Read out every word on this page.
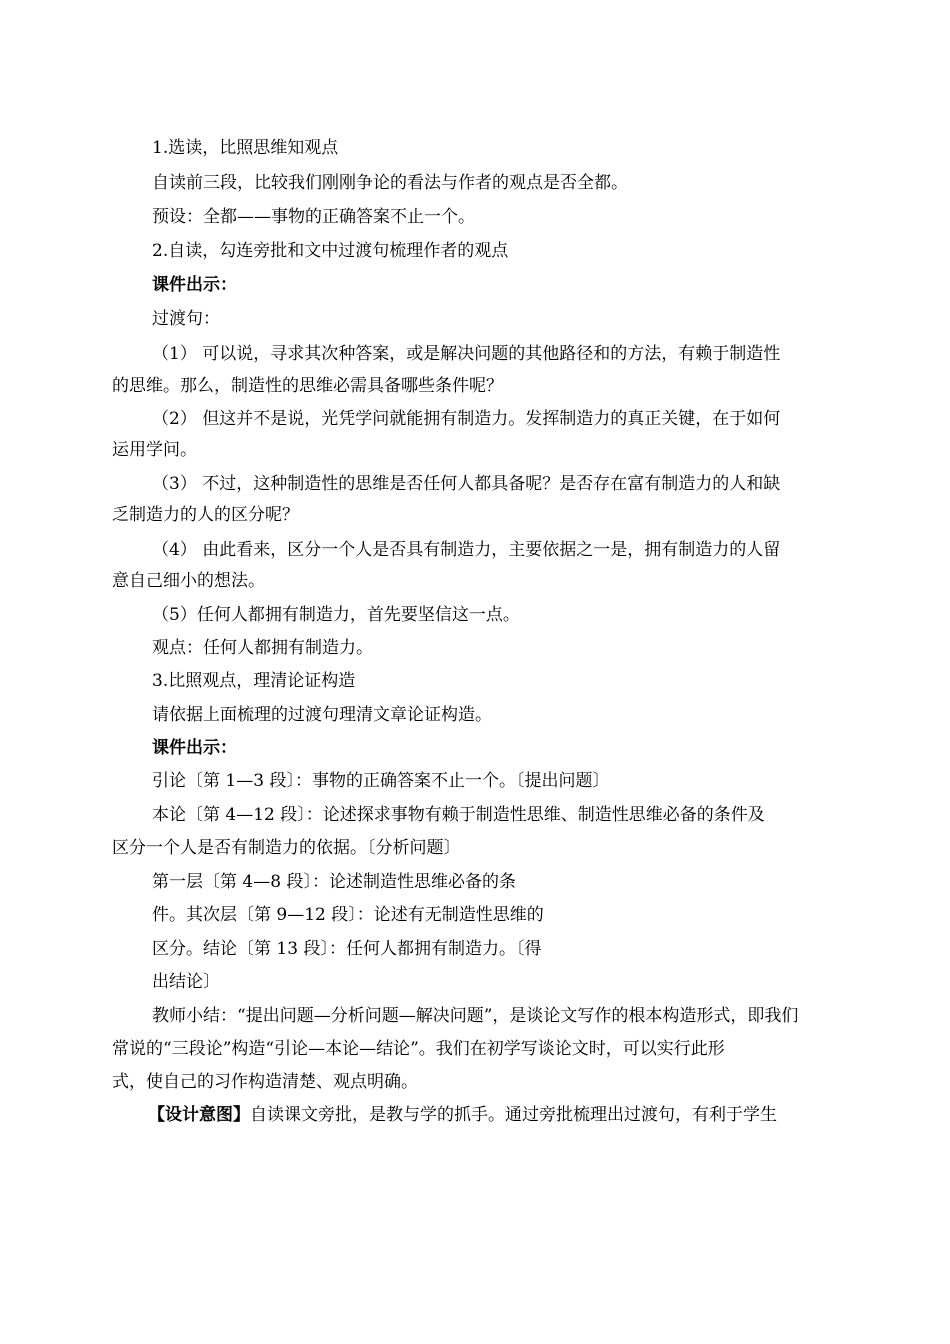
1.选读，比照思维知观点
自读前三段，比较我们刚刚争论的看法与作者的观点是否全都。
预设：全都——事物的正确答案不止一个。
2.自读，勾连旁批和文中过渡句梳理作者的观点
课件出示：
过渡句：
（1） 可以说，寻求其次种答案，或是解决问题的其他路径和的方法，有赖于制造性
的思维。那么，制造性的思维必需具备哪些条件呢？
（2） 但这并不是说，光凭学问就能拥有制造力。发挥制造力的真正关键，在于如何
运用学问。
（3） 不过，这种制造性的思维是否任何人都具备呢？是否存在富有制造力的人和缺
乏制造力的人的区分呢？
（4） 由此看来，区分一个人是否具有制造力，主要依据之一是，拥有制造力的人留
意自己细小的想法。
（5）任何人都拥有制造力，首先要坚信这一点。
观点：任何人都拥有制造力。
3.比照观点，理清论证构造
请依据上面梳理的过渡句理清文章论证构造。
课件出示：
引论〔第 1—3 段〕：事物的正确答案不止一个。〔提出问题〕
本论〔第 4—12 段〕：论述探求事物有赖于制造性思维、制造性思维必备的条件及
区分一个人是否有制造力的依据。〔分析问题〕
第一层〔第 4—8 段〕：论述制造性思维必备的条
件。其次层〔第 9—12 段〕：论述有无制造性思维的
区分。结论〔第 13 段〕：任何人都拥有制造力。〔得
出结论〕
教师小结：“提出问题—分析问题—解决问题”，是谈论文写作的根本构造形式，即我们
常说的“三段论”构造“引论—本论—结论”。我们在初学写谈论文时，可以实行此形
式，使自己的习作构造清楚、观点明确。
【设计意图】自读课文旁批，是教与学的抓手。通过旁批梳理出过渡句，有利于学生
